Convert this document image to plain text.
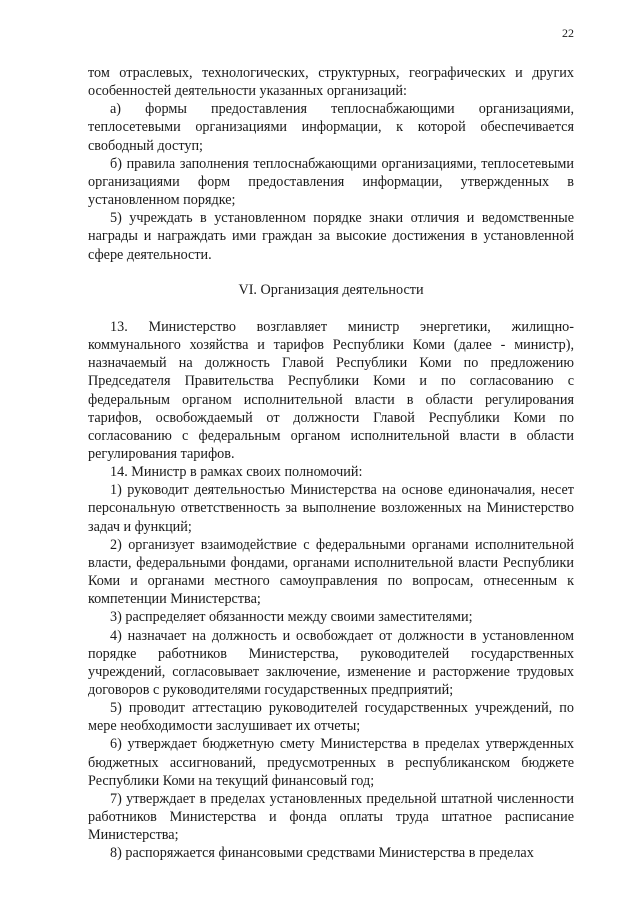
22

том отраслевых, технологических, структурных, географических и других особенностей деятельности указанных организаций:

а) формы предоставления теплоснабжающими организациями, теплосетевыми организациями информации, к которой обеспечивается свободный доступ;

б) правила заполнения теплоснабжающими организациями, теплосетевыми организациями форм предоставления информации, утвержденных в установленном порядке;

5) учреждать в установленном порядке знаки отличия и ведомственные награды и награждать ими граждан за высокие достижения в установленной сфере деятельности.

VI. Организация деятельности

13. Министерство возглавляет министр энергетики, жилищно-коммунального хозяйства и тарифов Республики Коми (далее - министр), назначаемый на должность Главой Республики Коми по предложению Председателя Правительства Республики Коми и по согласованию с федеральным органом исполнительной власти в области регулирования тарифов, освобождаемый от должности Главой Республики Коми по согласованию с федеральным органом исполнительной власти в области регулирования тарифов.

14. Министр в рамках своих полномочий:

1) руководит деятельностью Министерства на основе единоначалия, несет персональную ответственность за выполнение возложенных на Министерство задач и функций;

2) организует взаимодействие с федеральными органами исполнительной власти, федеральными фондами, органами исполнительной власти Республики Коми и органами местного самоуправления по вопросам, отнесенным к компетенции Министерства;

3) распределяет обязанности между своими заместителями;

4) назначает на должность и освобождает от должности в установленном порядке работников Министерства, руководителей государственных учреждений, согласовывает заключение, изменение и расторжение трудовых договоров с руководителями государственных предприятий;

5) проводит аттестацию руководителей государственных учреждений, по мере необходимости заслушивает их отчеты;

6) утверждает бюджетную смету Министерства в пределах утвержденных бюджетных ассигнований, предусмотренных в республиканском бюджете Республики Коми на текущий финансовый год;

7) утверждает в пределах установленных предельной штатной численности работников Министерства и фонда оплаты труда штатное расписание Министерства;

8) распоряжается финансовыми средствами Министерства в пределах
